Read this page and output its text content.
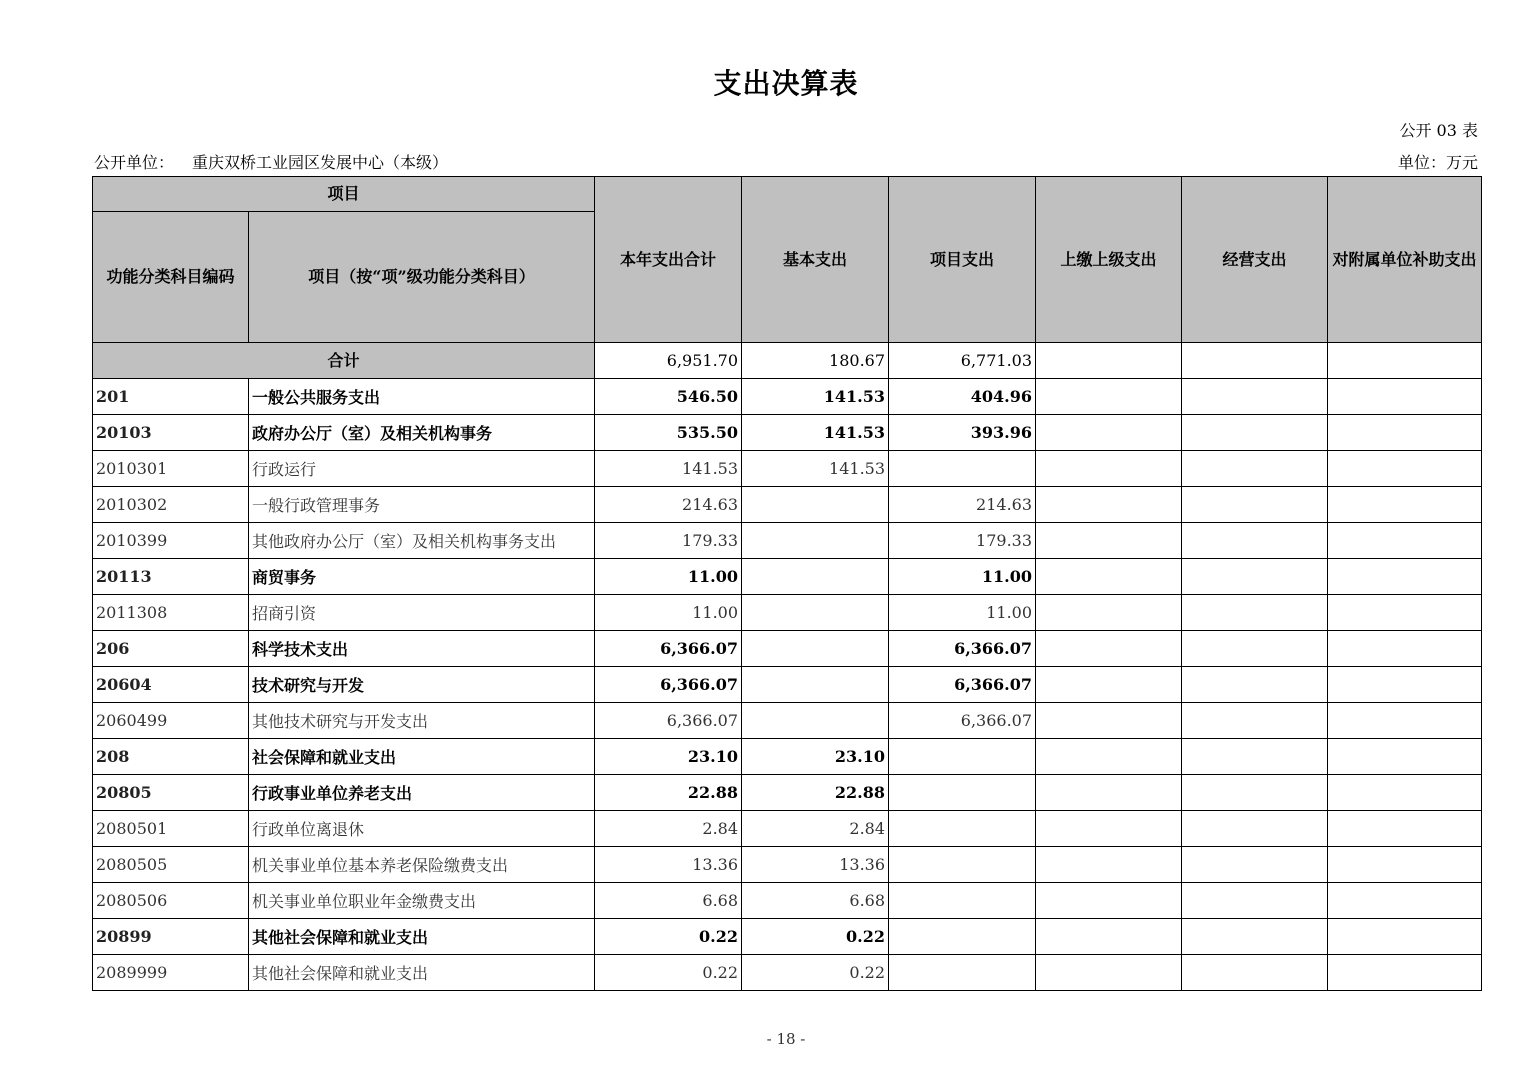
支出决算表
公开 03 表
公开单位： 重庆双桥工业园区发展中心（本级）	单位：万元
项目		本年支出合计	基本支出	项目支出	上缴上级支出	经营支出	对附属单位补助支出
功能分类科目编码	项目（按“项”级功能分类科目）						
合计		6,951.70	180.67	6,771.03			
201	一般公共服务支出	546.50	141.53	404.96			
20103	政府办公厅（室）及相关机构事务	535.50	141.53	393.96			
2010301	行政运行	141.53	141.53				
2010302	一般行政管理事务	214.63		214.63			
2010399	其他政府办公厅（室）及相关机构事务支出	179.33		179.33			
20113	商贸事务	11.00		11.00			
2011308	招商引资	11.00		11.00			
206	科学技术支出	6,366.07		6,366.07			
20604	技术研究与开发	6,366.07		6,366.07			
2060499	其他技术研究与开发支出	6,366.07		6,366.07			
208	社会保障和就业支出	23.10	23.10				
20805	行政事业单位养老支出	22.88	22.88				
2080501	行政单位离退休	2.84	2.84				
2080505	机关事业单位基本养老保险缴费支出	13.36	13.36				
2080506	机关事业单位职业年金缴费支出	6.68	6.68				
20899	其他社会保障和就业支出	0.22	0.22				
2089999	其他社会保障和就业支出	0.22	0.22				
- 18 -
